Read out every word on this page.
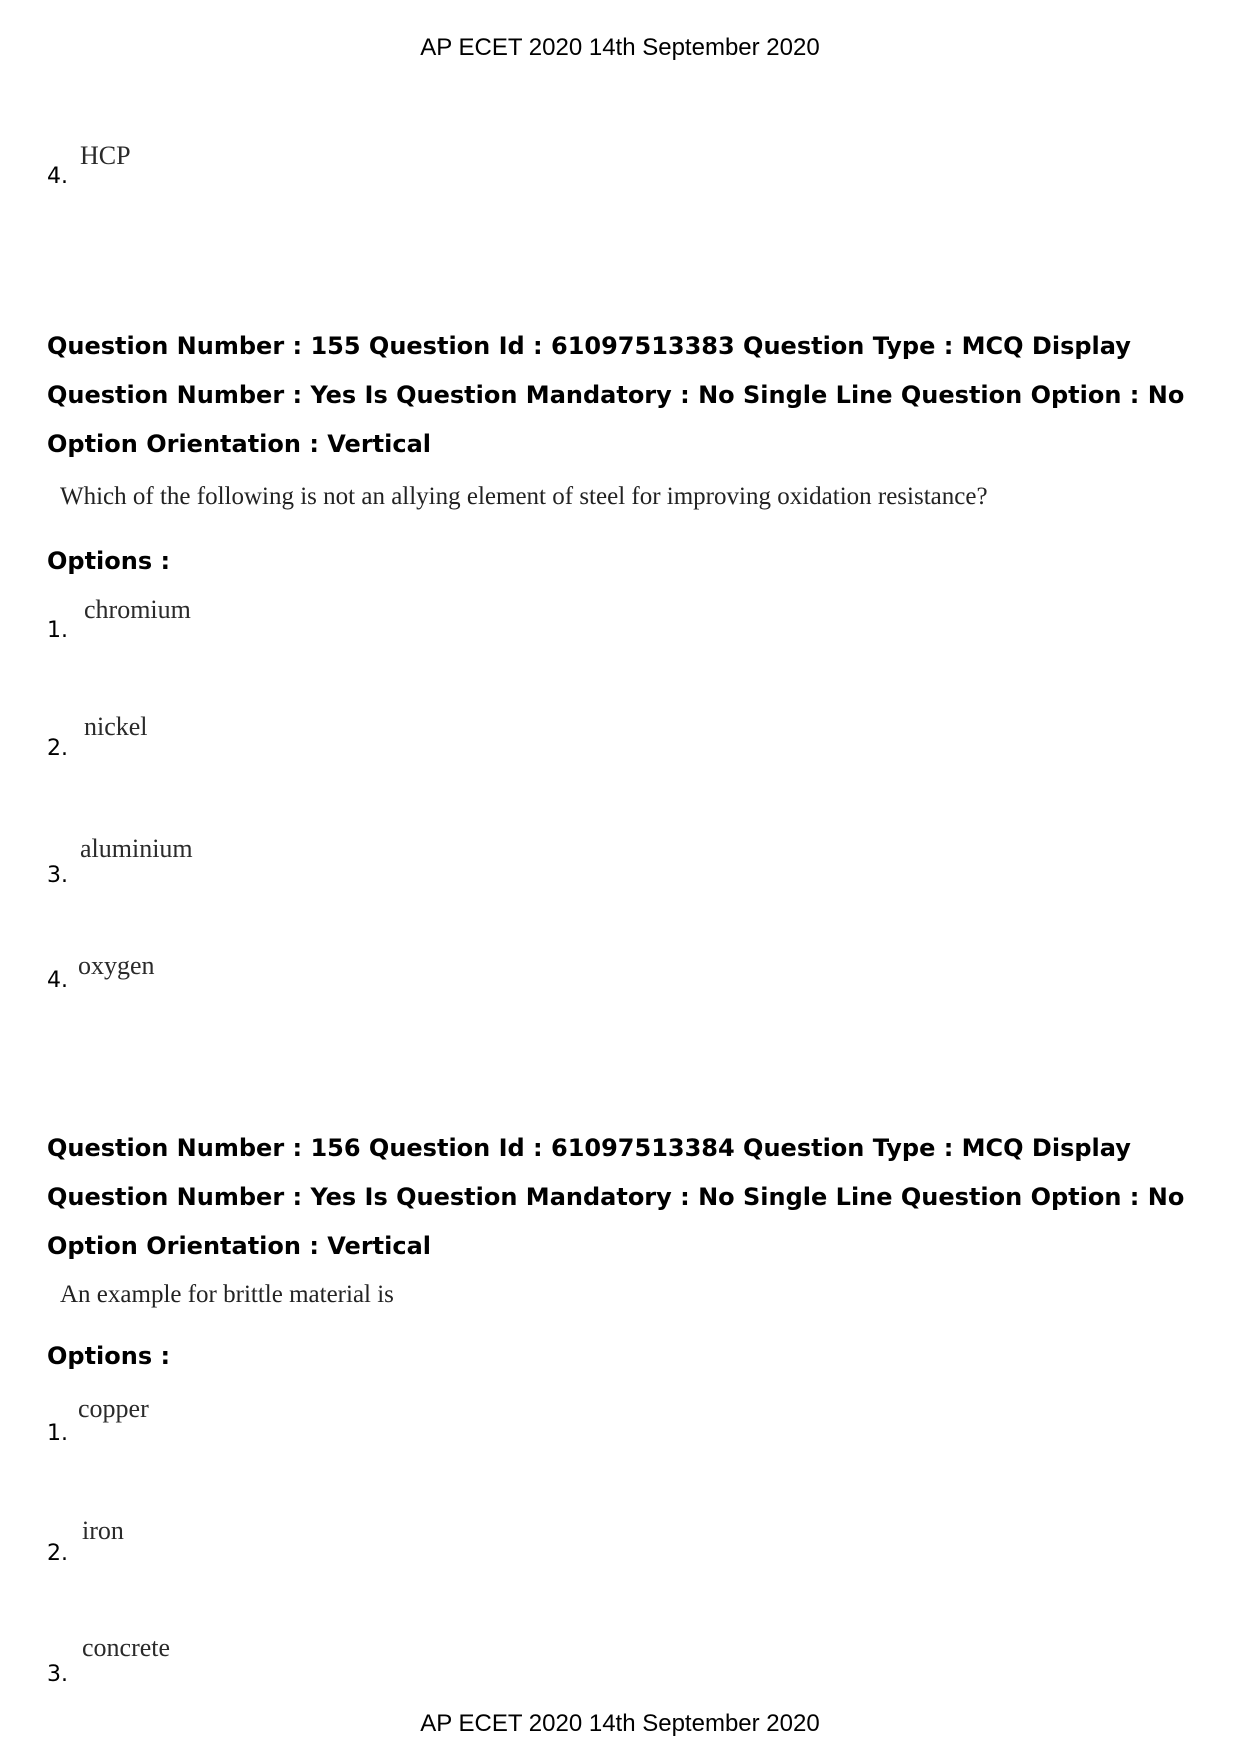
AP ECET 2020 14th September 2020
4.
HCP

Question Number : 155 Question Id : 61097513383 Question Type : MCQ Display Question Number : Yes Is Question Mandatory : No Single Line Question Option : No Option Orientation : Vertical

Which of the following is not an allying element of steel for improving oxidation resistance?
Options :
1.
chromium
2.
nickel
3.
aluminium
4.
oxygen

Question Number : 156 Question Id : 61097513384 Question Type : MCQ Display Question Number : Yes Is Question Mandatory : No Single Line Question Option : No Option Orientation : Vertical

An example for brittle material is
Options :
1.
copper
2.
iron
3.
concrete
AP ECET 2020 14th September 2020
